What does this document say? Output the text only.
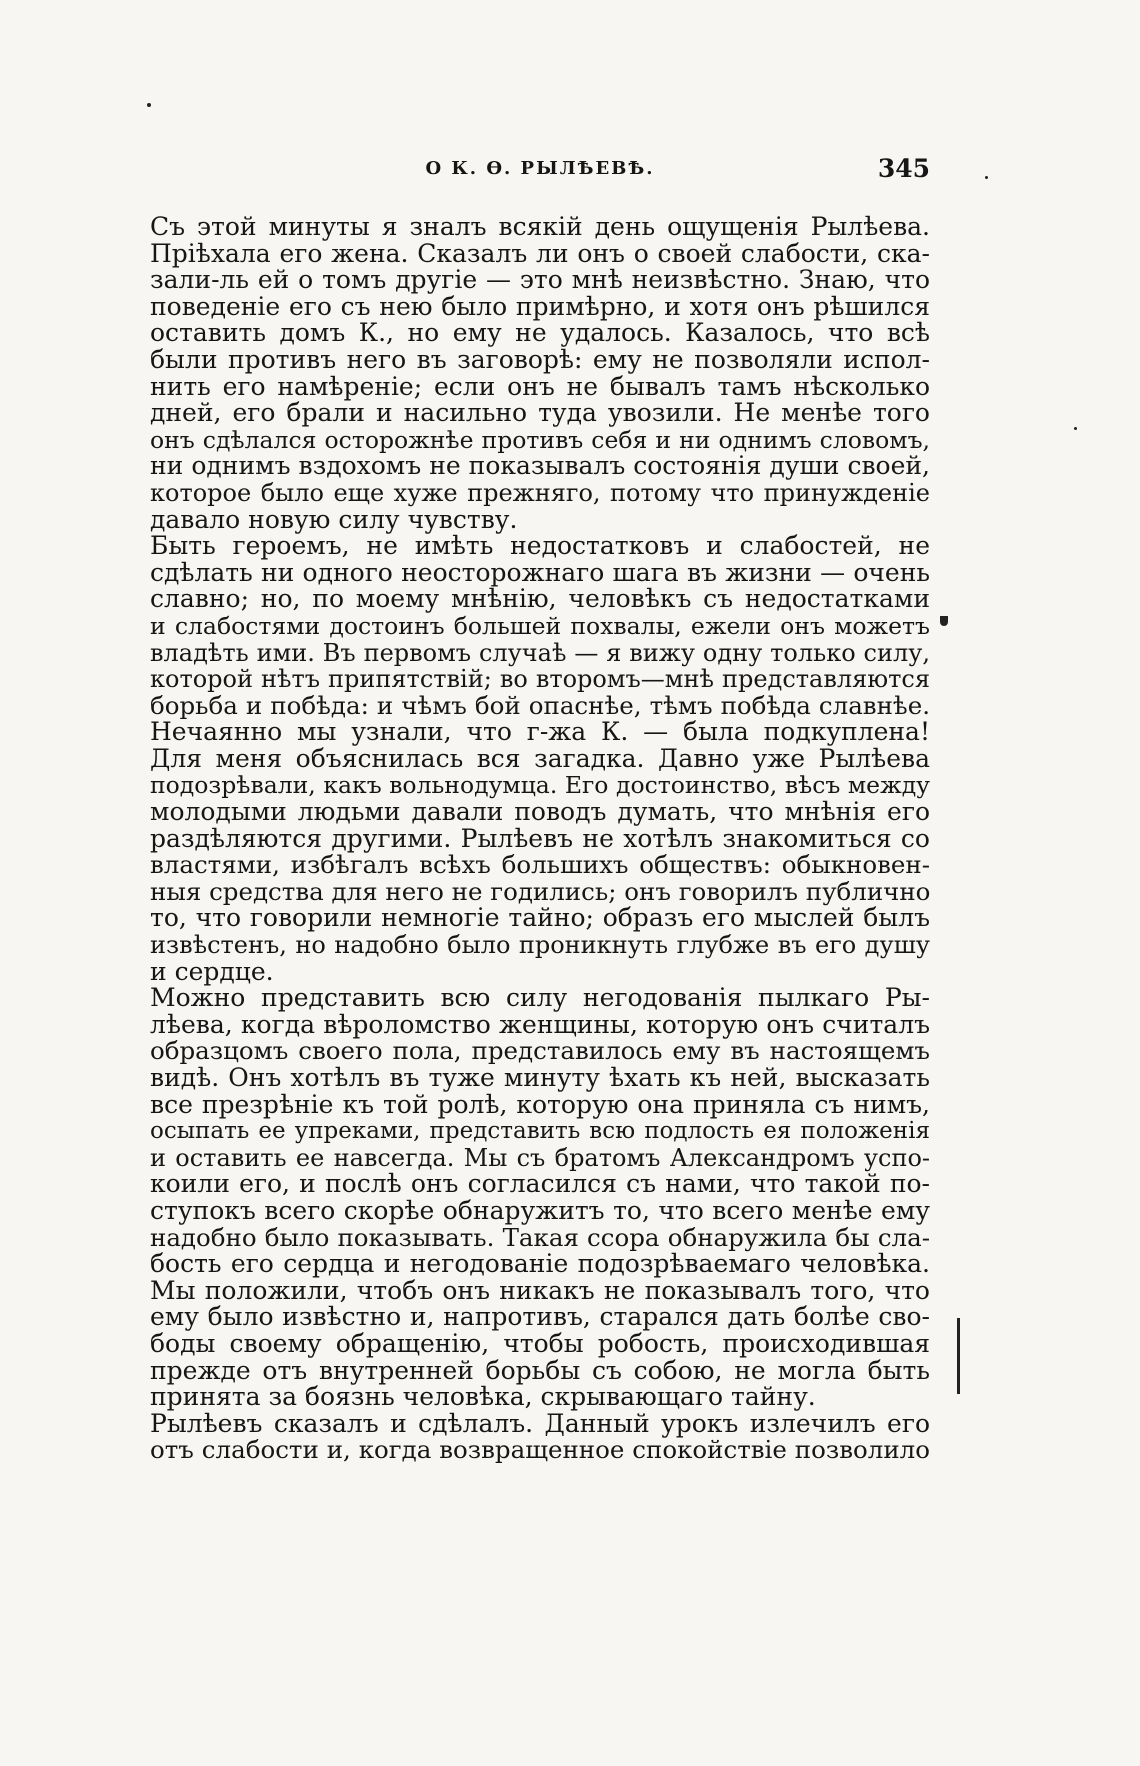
О К. Ѳ. РЫЛѢЕВѢ.	345
Съ этой минуты я зналъ всякій день ощущенія Рылѣева.
Пріѣхала его жена. Сказалъ ли онъ о своей слабости, ска-
зали-ль ей о томъ другіе — это мнѣ неизвѣстно. Знаю, что
поведеніе его съ нею было примѣрно, и хотя онъ рѣшился
оставить домъ К., но ему не удалось. Казалось, что всѣ
были противъ него въ заговорѣ: ему не позволяли испол-
нить его намѣреніе; если онъ не бывалъ тамъ нѣсколько
дней, его брали и насильно туда увозили. Не менѣе того
онъ сдѣлался осторожнѣе противъ себя и ни однимъ словомъ,
ни однимъ вздохомъ не показывалъ состоянія души своей,
которое было еще хуже прежняго, потому что принужденіе
давало новую силу чувству.
Быть героемъ, не имѣть недостатковъ и слабостей, не
сдѣлать ни одного неосторожнаго шага въ жизни — очень
славно; но, по моему мнѣнію, человѣкъ съ недостатками
и слабостями достоинъ большей похвалы, ежели онъ можетъ
владѣть ими. Въ первомъ случаѣ — я вижу одну только силу,
которой нѣтъ припятствій; во второмъ—мнѣ представляются
борьба и побѣда: и чѣмъ бой опаснѣе, тѣмъ побѣда славнѣе.
Нечаянно мы узнали, что г-жа К. — была подкуплена!
Для меня объяснилась вся загадка. Давно уже Рылѣева
подозрѣвали, какъ вольнодумца. Его достоинство, вѣсъ между
молодыми людьми давали поводъ думать, что мнѣнія его
раздѣляются другими. Рылѣевъ не хотѣлъ знакомиться со
властями, избѣгалъ всѣхъ большихъ обществъ: обыкновен-
ныя средства для него не годились; онъ говорилъ публично
то, что говорили немногіе тайно; образъ его мыслей былъ
извѣстенъ, но надобно было проникнуть глубже въ его душу
и сердце.
Можно представить всю силу негодованія пылкаго Ры-
лѣева, когда вѣроломство женщины, которую онъ считалъ
образцомъ своего пола, представилось ему въ настоящемъ
видѣ. Онъ хотѣлъ въ туже минуту ѣхать къ ней, высказать
все презрѣніе къ той ролѣ, которую она приняла съ нимъ,
осыпать ее упреками, представить всю подлость ея положенія
и оставить ее навсегда. Мы съ братомъ Александромъ успо-
коили его, и послѣ онъ согласился съ нами, что такой по-
ступокъ всего скорѣе обнаружитъ то, что всего менѣе ему
надобно было показывать. Такая ссора обнаружила бы сла-
бость его сердца и негодованіе подозрѣваемаго человѣка.
Мы положили, чтобъ онъ никакъ не показывалъ того, что
ему было извѣстно и, напротивъ, старался дать болѣе сво-
боды своему обращенію, чтобы робость, происходившая
прежде отъ внутренней борьбы съ собою, не могла быть
принята за боязнь человѣка, скрывающаго тайну.
Рылѣевъ сказалъ и сдѣлалъ. Данный урокъ излечилъ его
отъ слабости и, когда возвращенное спокойствіе позволило
